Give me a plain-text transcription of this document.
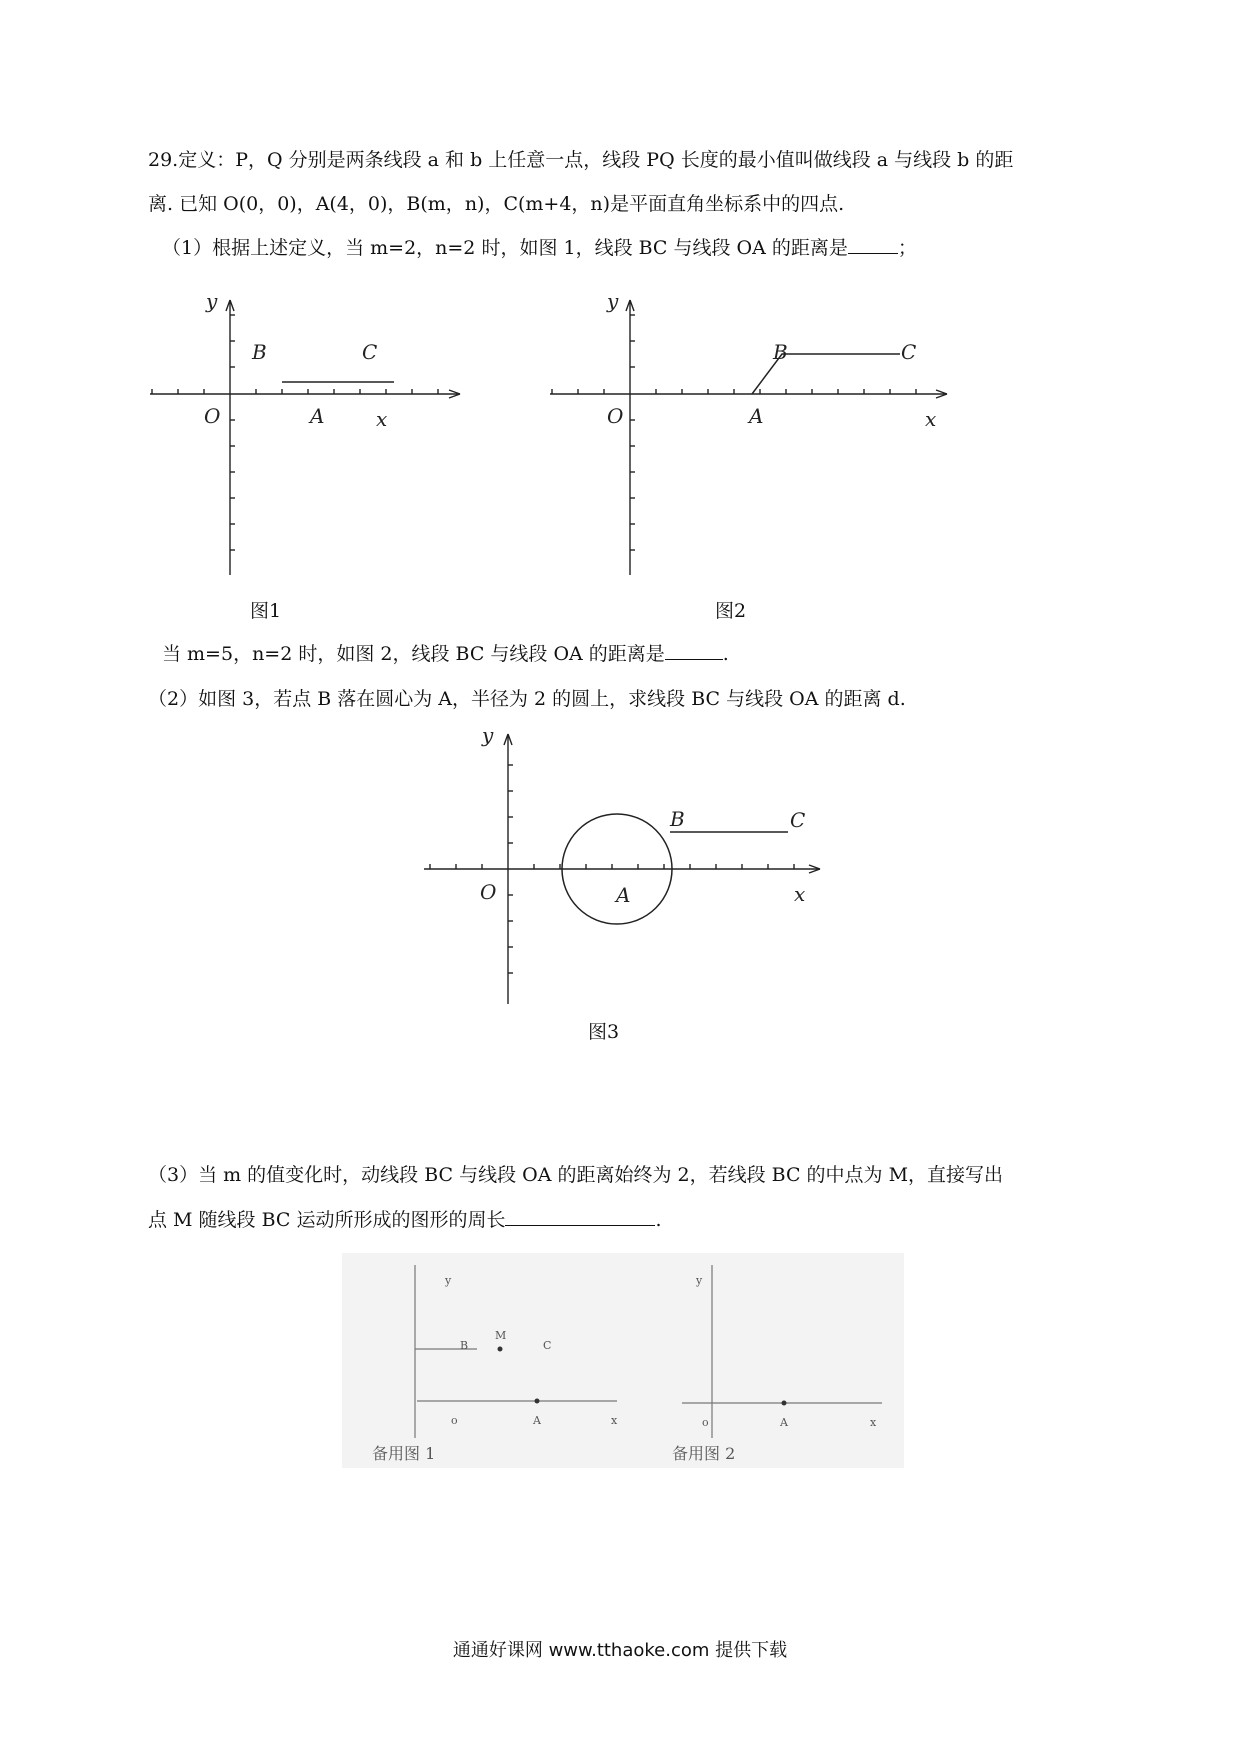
29.定义：P，Q 分别是两条线段 a 和 b 上任意一点，线段 PQ 长度的最小值叫做线段 a 与线段 b 的距
离. 已知 O(0，0)，A(4，0)，B(m，n)，C(m+4，n)是平面直角坐标系中的四点.
（1）根据上述定义，当 m=2，n=2 时，如图 1，线段 BC 与线段 OA 的距离是	；
y
x
O	A
B	C
图1
y
x
O	A
B	C
图2
当 m=5，n=2 时，如图 2，线段 BC 与线段 OA 的距离是	.
（2）如图 3，若点 B 落在圆心为 A，半径为 2 的圆上，求线段 BC 与线段 OA 的距离 d.
y
x
O	A
B	C
图3
（3）当 m 的值变化时，动线段 BC 与线段 OA 的距离始终为 2，若线段 BC 的中点为 M，直接写出
点 M 随线段 BC 运动所形成的图形的周长	.
y
x
o	A
B
M
C
y
x
o	A
备用图 1	备用图 2
通通好课网 www.tthaoke.com 提供下载
